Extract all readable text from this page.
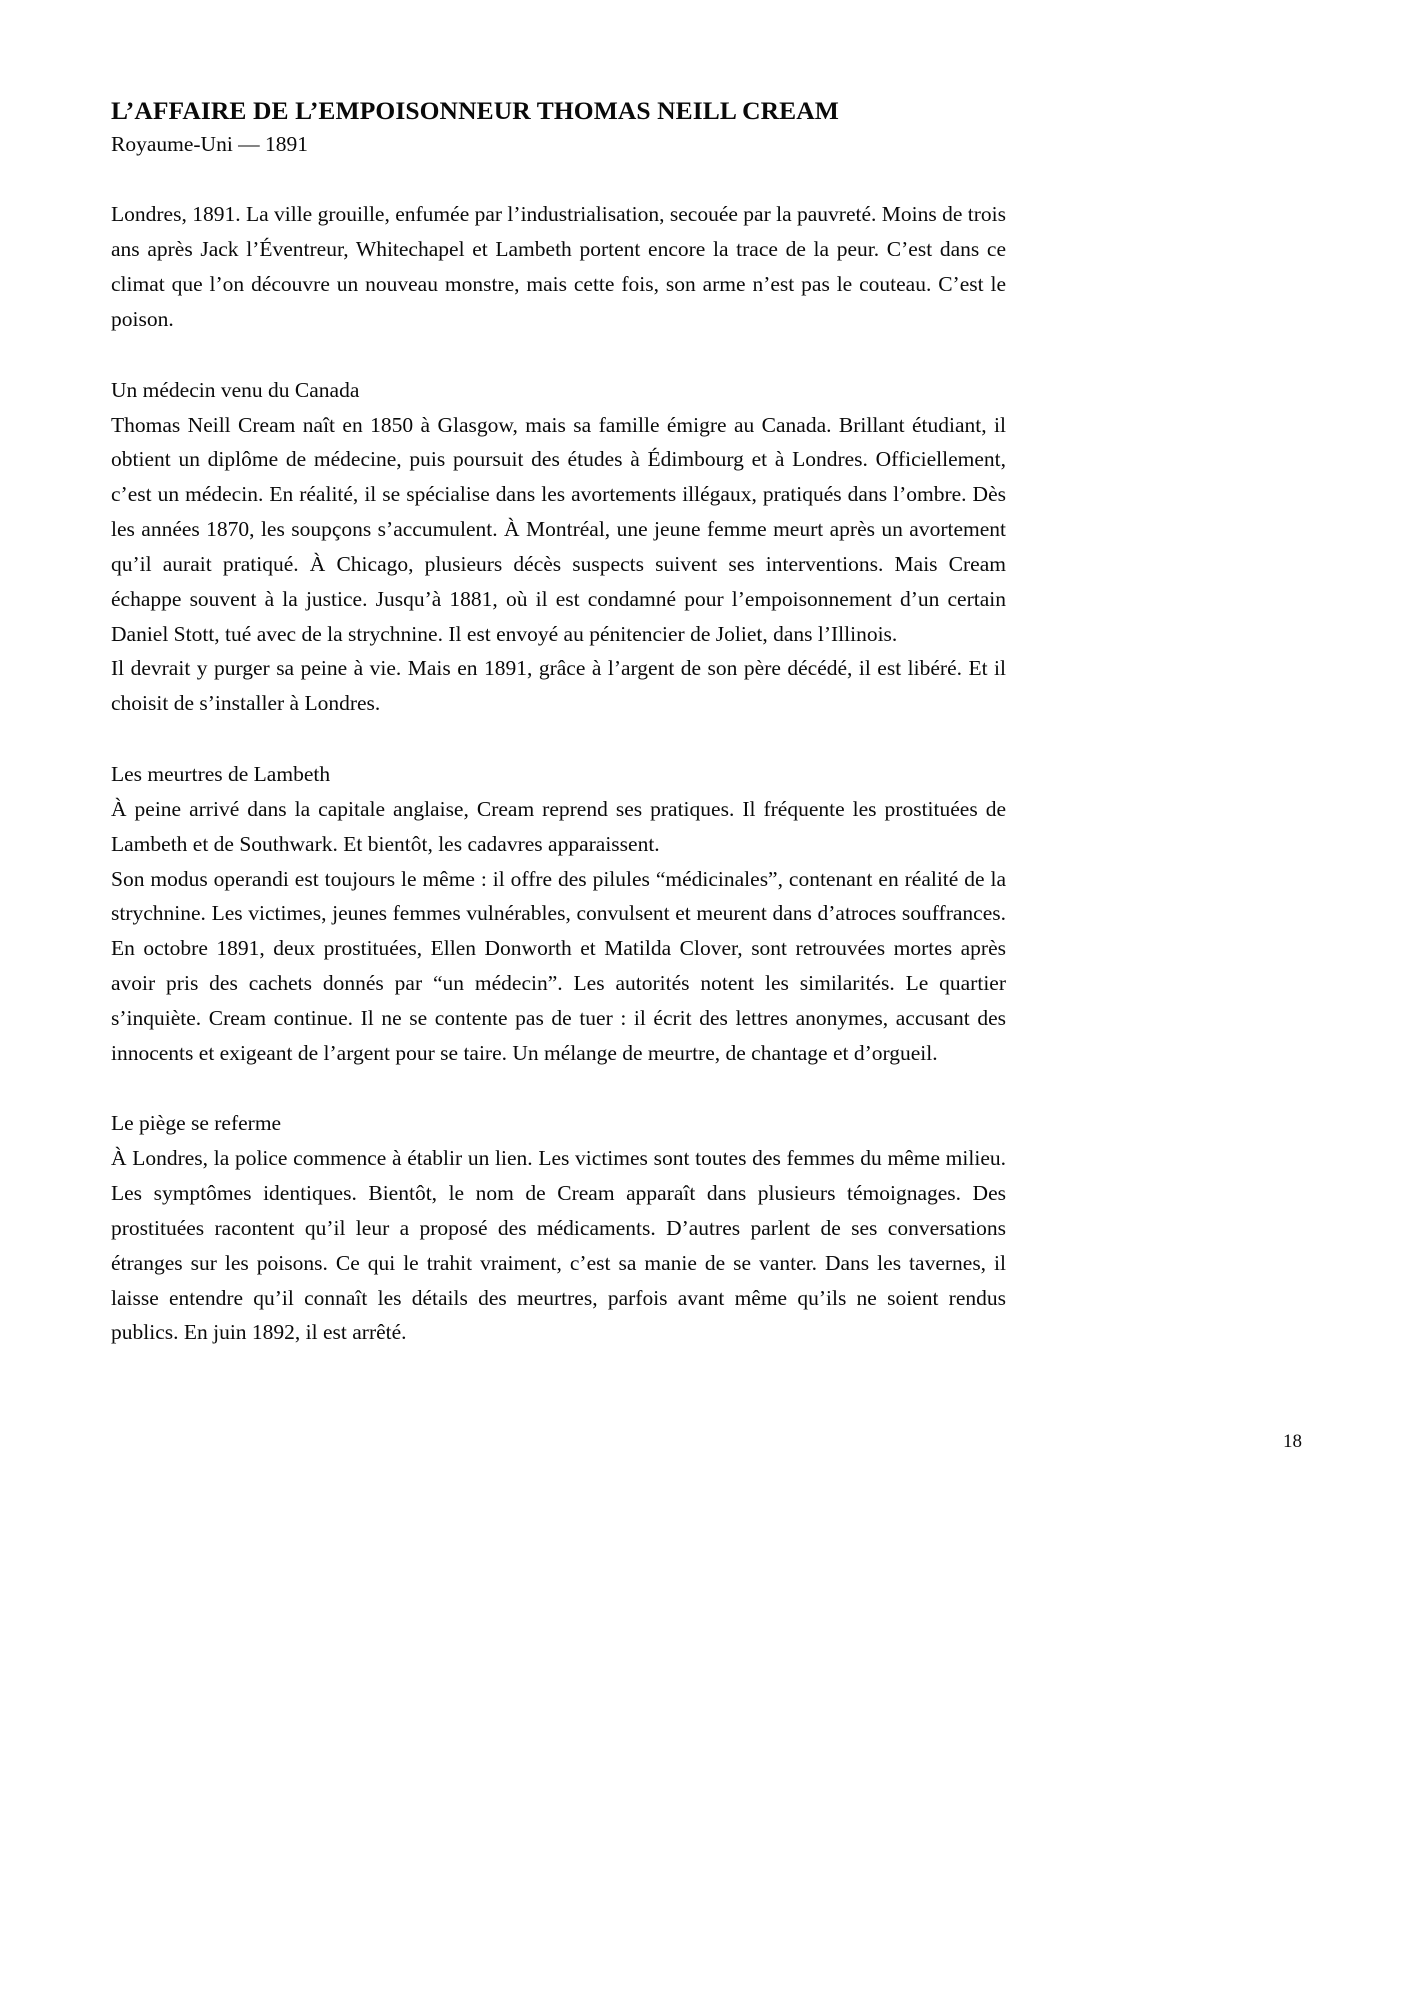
L’AFFAIRE DE L’EMPOISONNEUR THOMAS NEILL CREAM

Royaume-Uni — 1891

Londres, 1891. La ville grouille, enfumée par l’industrialisation, secouée par la pauvreté. Moins de trois ans après Jack l’Éventreur, Whitechapel et Lambeth portent encore la trace de la peur. C’est dans ce climat que l’on découvre un nouveau monstre, mais cette fois, son arme n’est pas le couteau. C’est le poison.

Un médecin venu du Canada

Thomas Neill Cream naît en 1850 à Glasgow, mais sa famille émigre au Canada. Brillant étudiant, il obtient un diplôme de médecine, puis poursuit des études à Édimbourg et à Londres. Officiellement, c’est un médecin. En réalité, il se spécialise dans les avortements illégaux, pratiqués dans l’ombre. Dès les années 1870, les soupçons s’accumulent. À Montréal, une jeune femme meurt après un avortement qu’il aurait pratiqué. À Chicago, plusieurs décès suspects suivent ses interventions. Mais Cream échappe souvent à la justice. Jusqu’à 1881, où il est condamné pour l’empoisonnement d’un certain Daniel Stott, tué avec de la strychnine. Il est envoyé au pénitencier de Joliet, dans l’Illinois.

Il devrait y purger sa peine à vie. Mais en 1891, grâce à l’argent de son père décédé, il est libéré. Et il choisit de s’installer à Londres.

Les meurtres de Lambeth

À peine arrivé dans la capitale anglaise, Cream reprend ses pratiques. Il fréquente les prostituées de Lambeth et de Southwark. Et bientôt, les cadavres apparaissent.

Son modus operandi est toujours le même : il offre des pilules “médicinales”, contenant en réalité de la strychnine. Les victimes, jeunes femmes vulnérables, convulsent et meurent dans d’atroces souffrances. En octobre 1891, deux prostituées, Ellen Donworth et Matilda Clover, sont retrouvées mortes après avoir pris des cachets donnés par “un médecin”. Les autorités notent les similarités. Le quartier s’inquiète. Cream continue. Il ne se contente pas de tuer : il écrit des lettres anonymes, accusant des innocents et exigeant de l’argent pour se taire. Un mélange de meurtre, de chantage et d’orgueil.

Le piège se referme

À Londres, la police commence à établir un lien. Les victimes sont toutes des femmes du même milieu. Les symptômes identiques. Bientôt, le nom de Cream apparaît dans plusieurs témoignages. Des prostituées racontent qu’il leur a proposé des médicaments. D’autres parlent de ses conversations étranges sur les poisons. Ce qui le trahit vraiment, c’est sa manie de se vanter. Dans les tavernes, il laisse entendre qu’il connaît les détails des meurtres, parfois avant même qu’ils ne soient rendus publics. En juin 1892, il est arrêté.

18
